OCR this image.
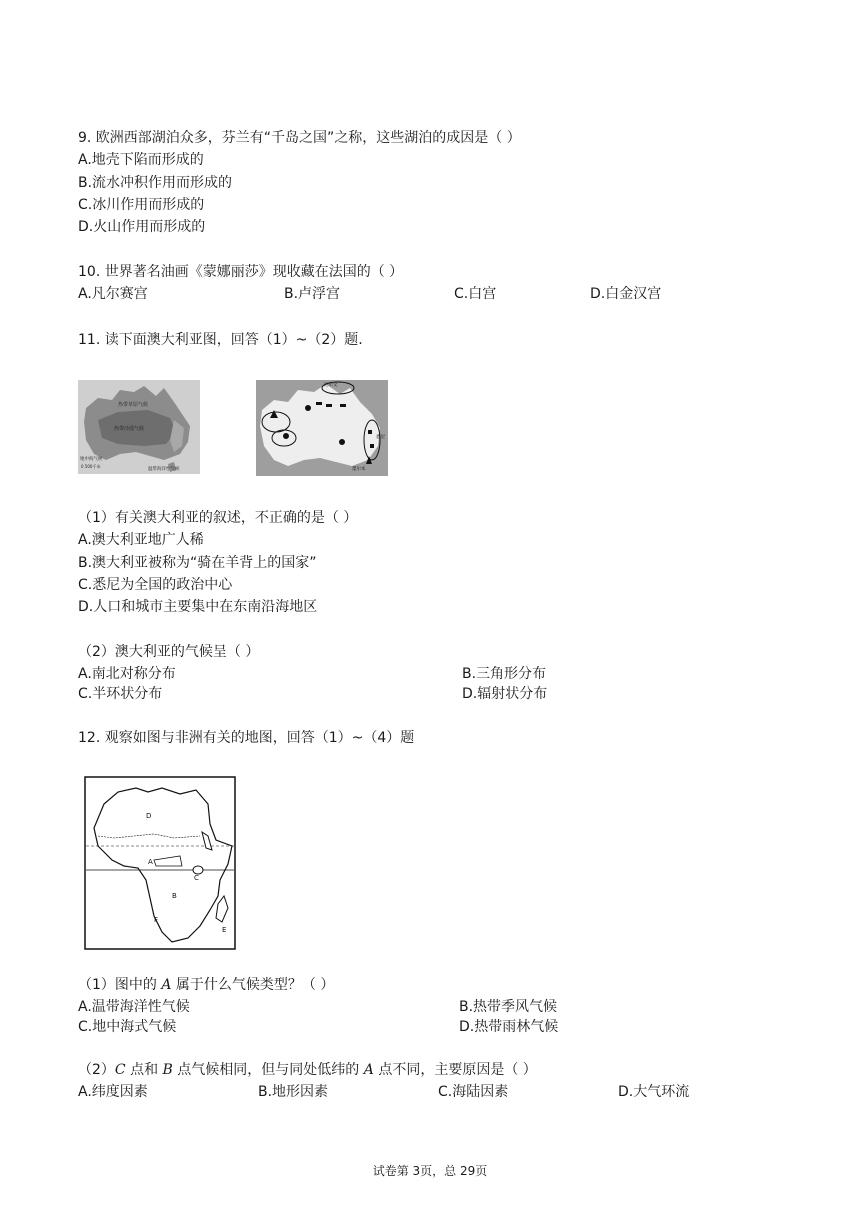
9. 欧洲西部湖泊众多，芬兰有“千岛之国”之称，这些湖泊的成因是（ ）
A.地壳下陷而形成的
B.流水冲积作用而形成的
C.冰川作用而形成的
D.火山作用而形成的
10. 世界著名油画《蒙娜丽莎》现收藏在法国的（ ）
A.凡尔赛宫	B.卢浮宫	C.白宫	D.白金汉宫
11. 读下面澳大利亚图，回答（1）~（2）题.
热带草原气候
热带沙漠气候
地中海气候
温带海洋性气候
0 500千米
达尔文
悉尼
墨尔本
（1）有关澳大利亚的叙述，不正确的是（ ）
A.澳大利亚地广人稀
B.澳大利亚被称为“骑在羊背上的国家”
C.悉尼为全国的政治中心
D.人口和城市主要集中在东南沿海地区
（2）澳大利亚的气候呈（ ）
A.南北对称分布	B.三角形分布
C.半环状分布	D.辐射状分布
12. 观察如图与非洲有关的地图，回答（1）~（4）题
D
A
C
B
F
E
（1）图中的 A 属于什么气候类型？（ ）
A.温带海洋性气候	B.热带季风气候
C.地中海式气候	D.热带雨林气候
（2）C 点和 B 点气候相同，但与同处低纬的 A 点不同，主要原因是（ ）
A.纬度因素	B.地形因素	C.海陆因素	D.大气环流
试卷第 3页，总 29页
